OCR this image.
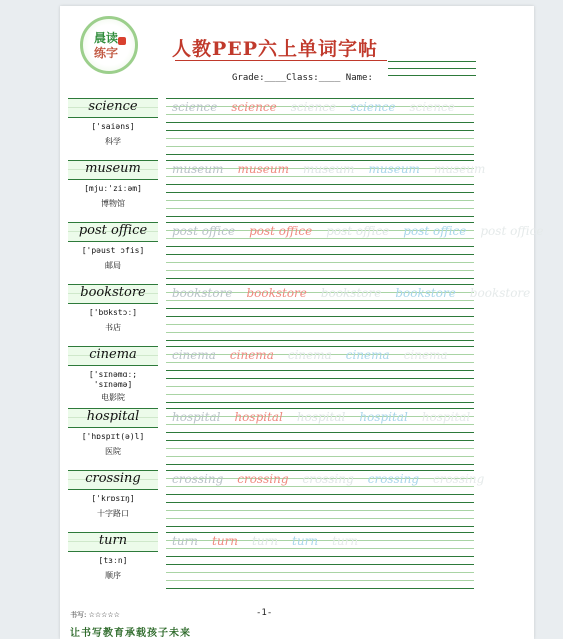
晨读
练字	人教PEP六上单词字帖
Grade:____Class:____ Name:
science
['saiəns]
科学
science science science science science
museum
[mjuː'ziːəm]
博物馆
museum museum museum museum museum
post office
['pəust ɔfis]
邮局
post office post office post office post office post office
bookstore
['bʊkstɔː]
书店
bookstore bookstore bookstore bookstore bookstore
cinema
['sɪnəmɑː; 'sɪnəmə]
电影院
cinema cinema cinema cinema cinema
hospital
['hɒspɪt(ə)l]
医院
hospital hospital hospital hospital hospital
crossing
['krɒsɪŋ]
十字路口
crossing crossing crossing crossing crossing
turn
[tɜːn]
顺序
turn turn turn turn turn
书写: ☆☆☆☆☆	-1-
让书写教育承载孩子未来
